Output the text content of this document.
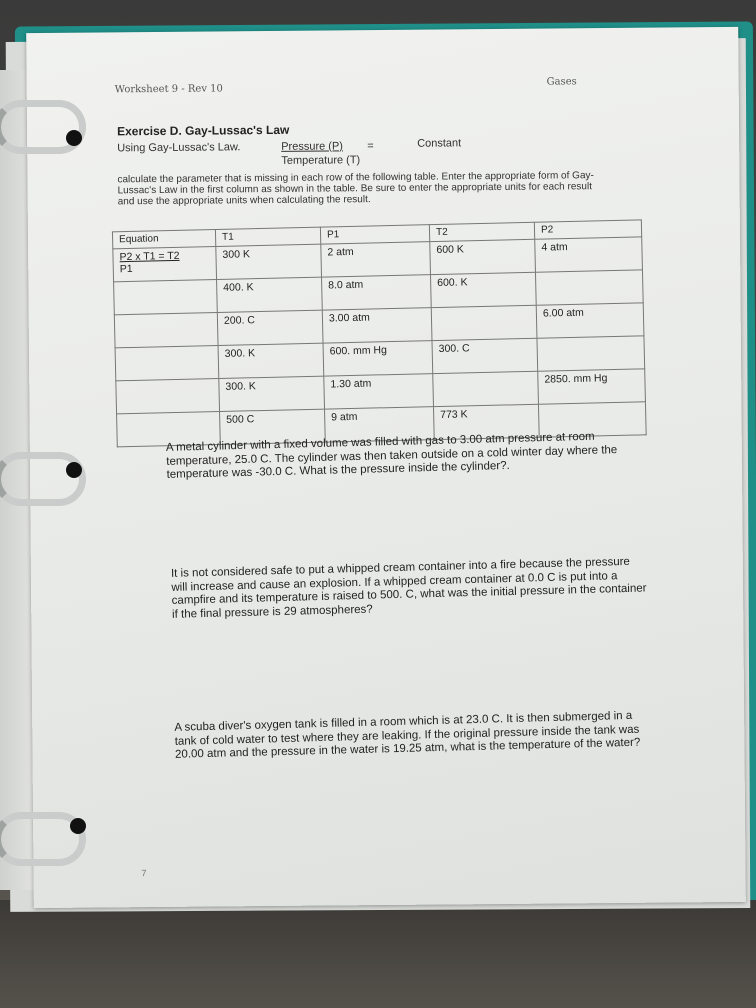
Worksheet 9 - Rev 10
Gases
Exercise D. Gay-Lussac's Law
Using Gay-Lussac's Law.	Pressure (P) =	Constant
Temperature (T)
calculate the parameter that is missing in each row of the following table. Enter the appropriate form of Gay-Lussac's Law in the first column as shown in the table. Be sure to enter the appropriate units for each result and use the appropriate units when calculating the result.
Equation	T1	P1	T2	P2

P2 x T1 = T2
P1	300 K	2 atm	600 K	4 atm
	400. K	8.0 atm	600. K	
	200. C	3.00 atm		6.00 atm
	300. K	600. mm Hg	300. C	
	300. K	1.30 atm		2850. mm Hg
	500 C	9 atm	773 K	
A metal cylinder with a fixed volume was filled with gas to 3.00 atm pressure at room temperature, 25.0 C. The cylinder was then taken outside on a cold winter day where the temperature was -30.0 C. What is the pressure inside the cylinder?.
It is not considered safe to put a whipped cream container into a fire because the pressure will increase and cause an explosion. If a whipped cream container at 0.0 C is put into a campfire and its temperature is raised to 500. C, what was the initial pressure in the container if the final pressure is 29 atmospheres?
A scuba diver's oxygen tank is filled in a room which is at 23.0 C. It is then submerged in a tank of cold water to test where they are leaking. If the original pressure inside the tank was 20.00 atm and the pressure in the water is 19.25 atm, what is the temperature of the water?
7
